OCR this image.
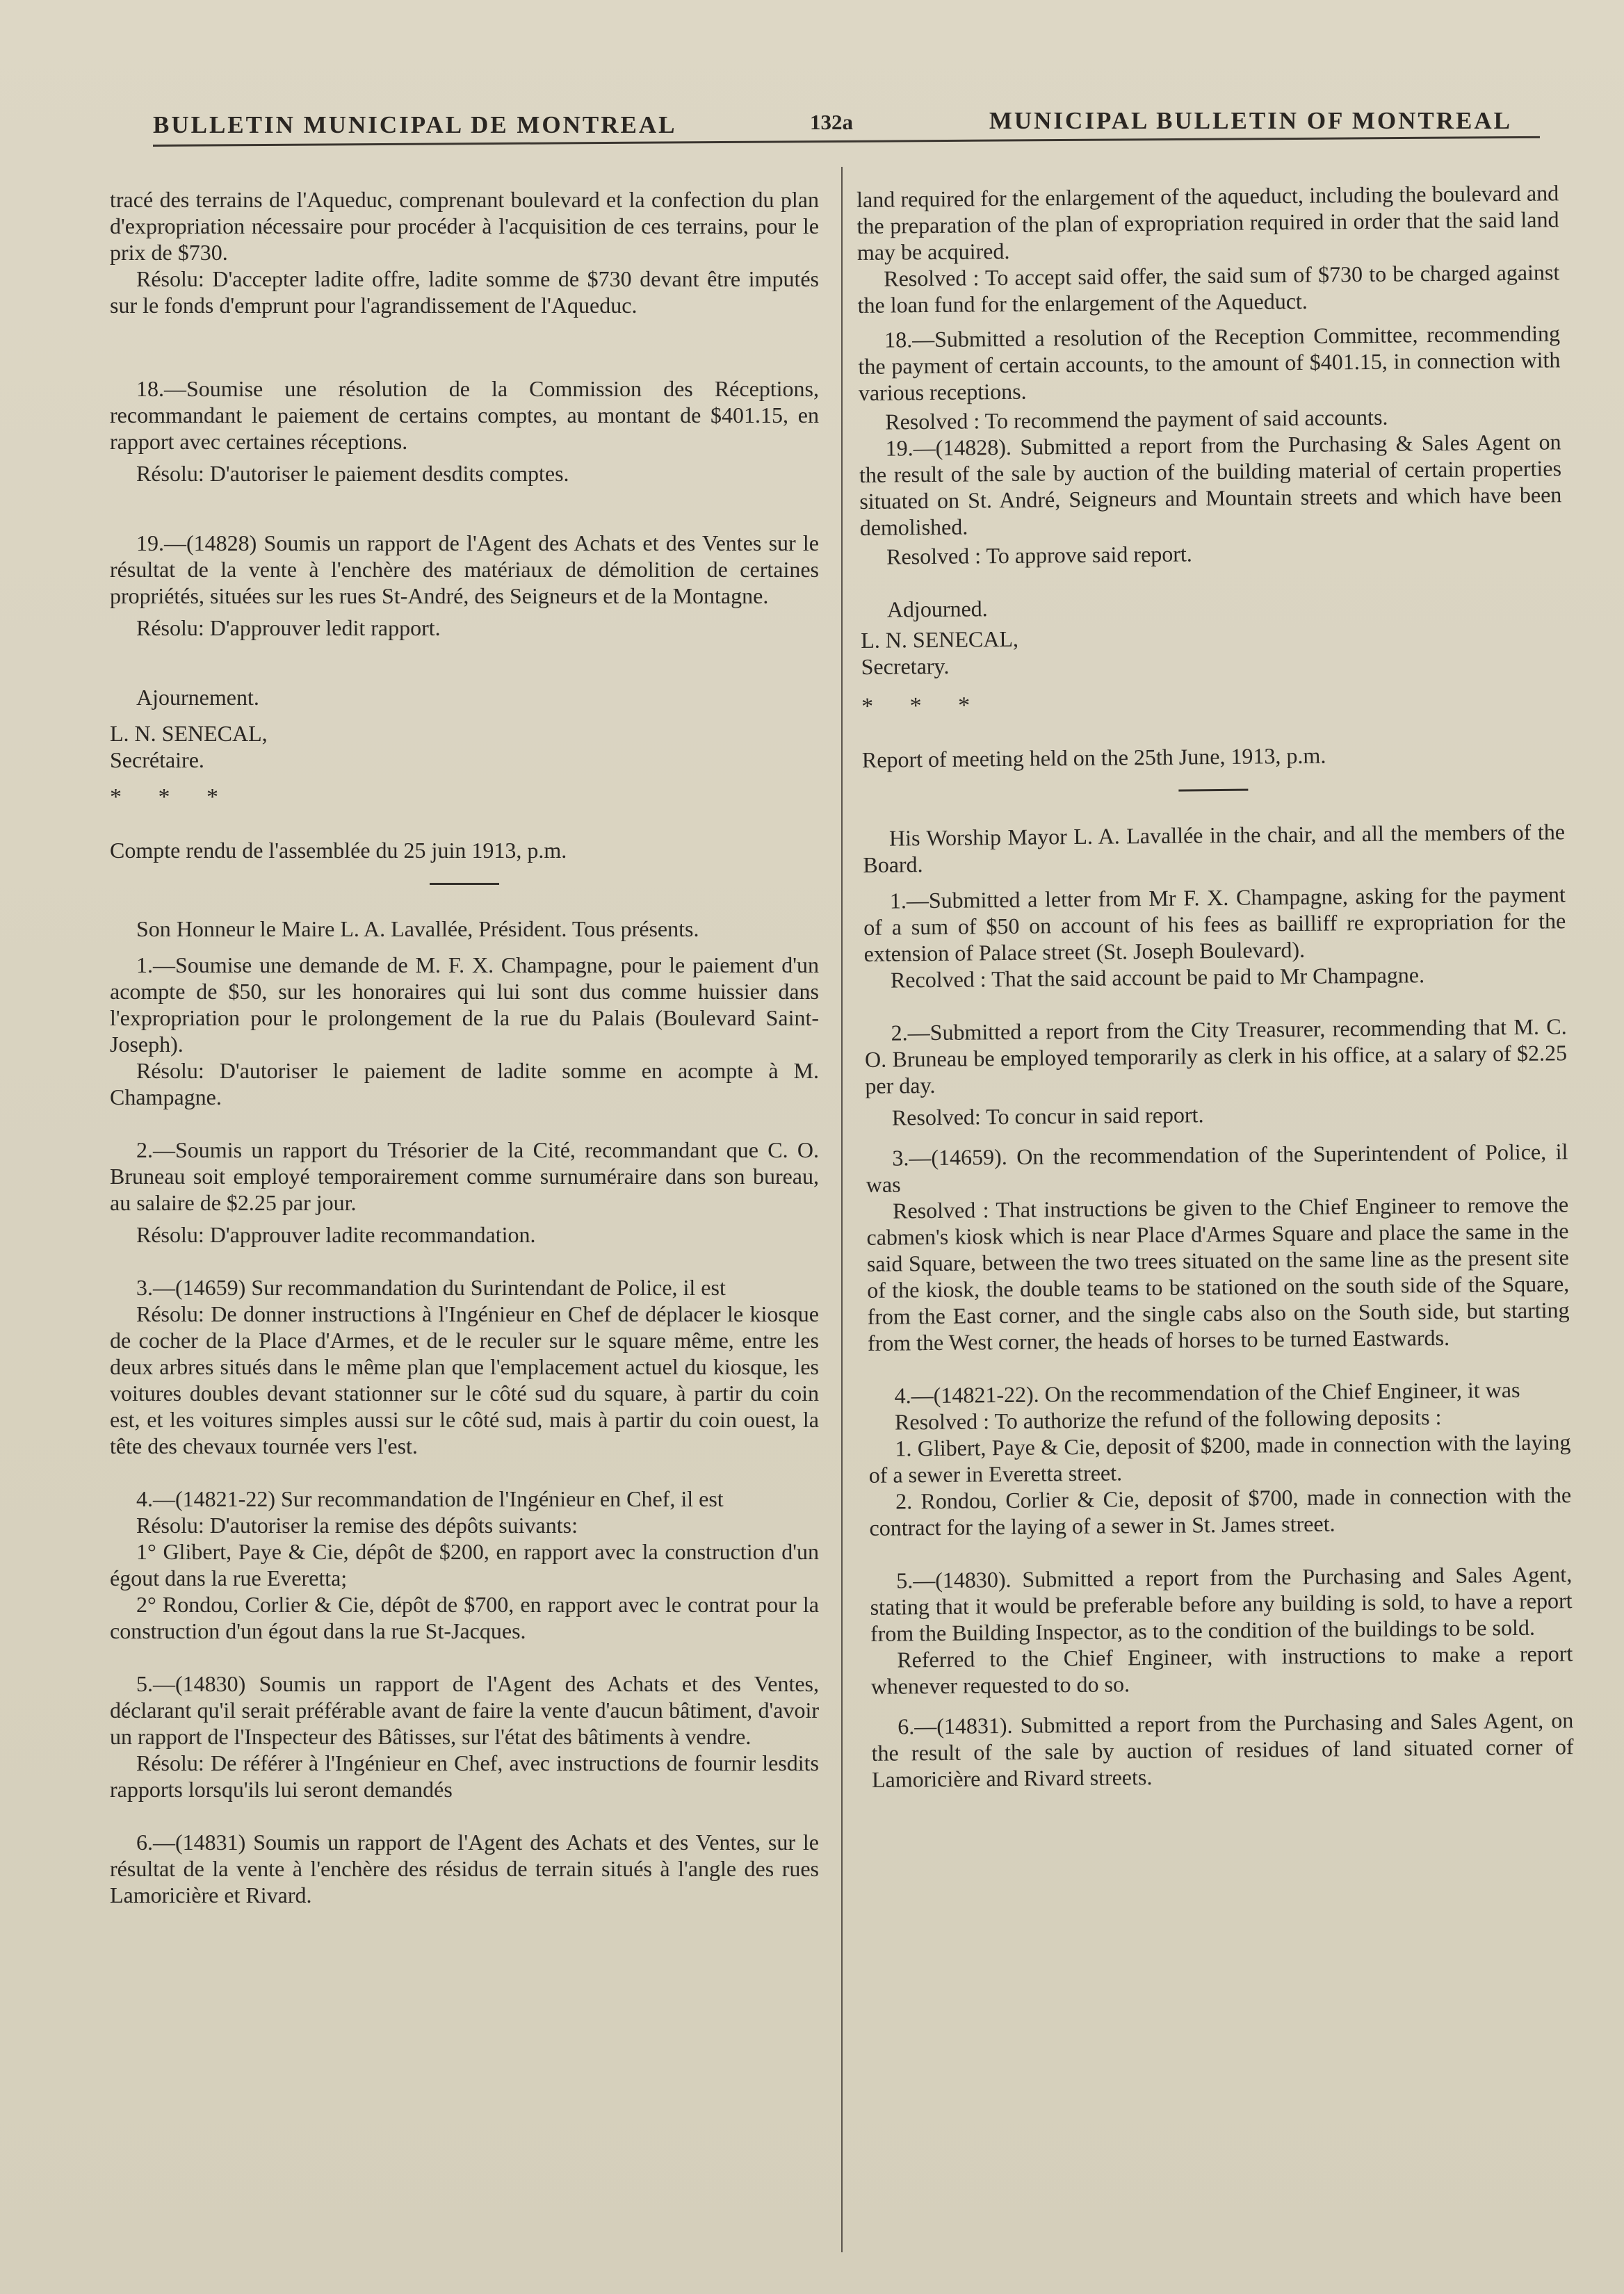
BULLETIN MUNICIPAL DE MONTREAL	132a	MUNICIPAL BULLETIN OF MONTREAL

tracé des terrains de l'Aqueduc, comprenant boulevard et la confection du plan d'expropriation nécessaire pour procéder à l'acquisition de ces terrains, pour le prix de $730.

Résolu: D'accepter ladite offre, ladite somme de $730 devant être imputés sur le fonds d'emprunt pour l'agrandissement de l'Aqueduc.

18.—Soumise une résolution de la Commission des Réceptions, recommandant le paiement de certains comptes, au montant de $401.15, en rapport avec certaines réceptions.

Résolu: D'autoriser le paiement desdits comptes.

19.—(14828) Soumis un rapport de l'Agent des Achats et des Ventes sur le résultat de la vente à l'enchère des matériaux de démolition de certaines propriétés, situées sur les rues St-André, des Seigneurs et de la Montagne.

Résolu: D'approuver ledit rapport.

Ajournement.

L. N. SENECAL,

Secrétaire.

* * *

Compte rendu de l'assemblée du 25 juin 1913, p.m.

Son Honneur le Maire L. A. Lavallée, Président. Tous présents.

1.—Soumise une demande de M. F. X. Champagne, pour le paiement d'un acompte de $50, sur les honoraires qui lui sont dus comme huissier dans l'expropriation pour le prolongement de la rue du Palais (Boulevard Saint-Joseph).

Résolu: D'autoriser le paiement de ladite somme en acompte à M. Champagne.

2.—Soumis un rapport du Trésorier de la Cité, recommandant que C. O. Bruneau soit employé temporairement comme surnuméraire dans son bureau, au salaire de $2.25 par jour.

Résolu: D'approuver ladite recommandation.

3.—(14659) Sur recommandation du Surintendant de Police, il est

Résolu: De donner instructions à l'Ingénieur en Chef de déplacer le kiosque de cocher de la Place d'Armes, et de le reculer sur le square même, entre les deux arbres situés dans le même plan que l'emplacement actuel du kiosque, les voitures doubles devant stationner sur le côté sud du square, à partir du coin est, et les voitures simples aussi sur le côté sud, mais à partir du coin ouest, la tête des chevaux tournée vers l'est.

4.—(14821-22) Sur recommandation de l'Ingénieur en Chef, il est

Résolu: D'autoriser la remise des dépôts suivants:

1° Glibert, Paye & Cie, dépôt de $200, en rapport avec la construction d'un égout dans la rue Everetta;

2° Rondou, Corlier & Cie, dépôt de $700, en rapport avec le contrat pour la construction d'un égout dans la rue St-Jacques.

5.—(14830) Soumis un rapport de l'Agent des Achats et des Ventes, déclarant qu'il serait préférable avant de faire la vente d'aucun bâtiment, d'avoir un rapport de l'Inspecteur des Bâtisses, sur l'état des bâtiments à vendre.

Résolu: De référer à l'Ingénieur en Chef, avec instructions de fournir lesdits rapports lorsqu'ils lui seront demandés

6.—(14831) Soumis un rapport de l'Agent des Achats et des Ventes, sur le résultat de la vente à l'enchère des résidus de terrain situés à l'angle des rues Lamoricière et Rivard.

land required for the enlargement of the aqueduct, including the boulevard and the preparation of the plan of expropriation required in order that the said land may be acquired.

Resolved : To accept said offer, the said sum of $730 to be charged against the loan fund for the enlargement of the Aqueduct.

18.—Submitted a resolution of the Reception Committee, recommending the payment of certain accounts, to the amount of $401.15, in connection with various receptions.

Resolved : To recommend the payment of said accounts.

19.—(14828). Submitted a report from the Purchasing & Sales Agent on the result of the sale by auction of the building material of certain properties situated on St. André, Seigneurs and Mountain streets and which have been demolished.

Resolved : To approve said report.

Adjourned.

L. N. SENECAL,

Secretary.

* * *

Report of meeting held on the 25th June, 1913, p.m.

His Worship Mayor L. A. Lavallée in the chair, and all the members of the Board.

1.—Submitted a letter from Mr F. X. Champagne, asking for the payment of a sum of $50 on account of his fees as bailliff re expropriation for the extension of Palace street (St. Joseph Boulevard).

Recolved : That the said account be paid to Mr Champagne.

2.—Submitted a report from the City Treasurer, recommending that M. C. O. Bruneau be employed temporarily as clerk in his office, at a salary of $2.25 per day.

Resolved: To concur in said report.

3.—(14659). On the recommendation of the Superintendent of Police, il was

Resolved : That instructions be given to the Chief Engineer to remove the cabmen's kiosk which is near Place d'Armes Square and place the same in the said Square, between the two trees situated on the same line as the present site of the kiosk, the double teams to be stationed on the south side of the Square, from the East corner, and the single cabs also on the South side, but starting from the West corner, the heads of horses to be turned Eastwards.

4.—(14821-22). On the recommendation of the Chief Engineer, it was

Resolved : To authorize the refund of the following deposits :

1. Glibert, Paye & Cie, deposit of $200, made in connection with the laying of a sewer in Everetta street.

2. Rondou, Corlier & Cie, deposit of $700, made in connection with the contract for the laying of a sewer in St. James street.

5.—(14830). Submitted a report from the Purchasing and Sales Agent, stating that it would be preferable before any building is sold, to have a report from the Building Inspector, as to the condition of the buildings to be sold.

Referred to the Chief Engineer, with instructions to make a report whenever requested to do so.

6.—(14831). Submitted a report from the Purchasing and Sales Agent, on the result of the sale by auction of residues of land situated corner of Lamoricière and Rivard streets.
